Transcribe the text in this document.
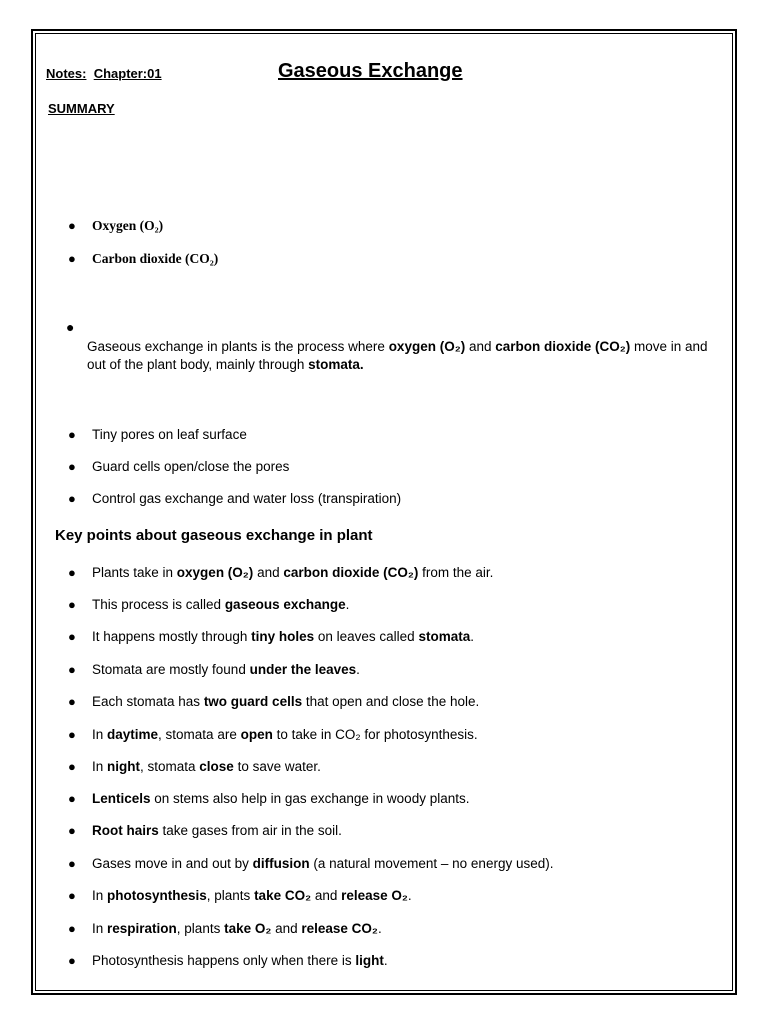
Notes: Chapter:01	Gaseous Exchange
SUMMARY
● Oxygen (O₂)
● Carbon dioxide (CO₂)
●
Gaseous exchange in plants is the process where oxygen (O₂) and carbon dioxide (CO₂) move in and out of the plant body, mainly through stomata.
● Tiny pores on leaf surface
● Guard cells open/close the pores
● Control gas exchange and water loss (transpiration)
Key points about gaseous exchange in plant
● Plants take in oxygen (O₂) and carbon dioxide (CO₂) from the air.
● This process is called gaseous exchange.
● It happens mostly through tiny holes on leaves called stomata.
● Stomata are mostly found under the leaves.
● Each stomata has two guard cells that open and close the hole.
● In daytime, stomata are open to take in CO₂ for photosynthesis.
● In night, stomata close to save water.
● Lenticels on stems also help in gas exchange in woody plants.
● Root hairs take gases from air in the soil.
● Gases move in and out by diffusion (a natural movement – no energy used).
● In photosynthesis, plants take CO₂ and release O₂.
● In respiration, plants take O₂ and release CO₂.
● Photosynthesis happens only when there is light.
